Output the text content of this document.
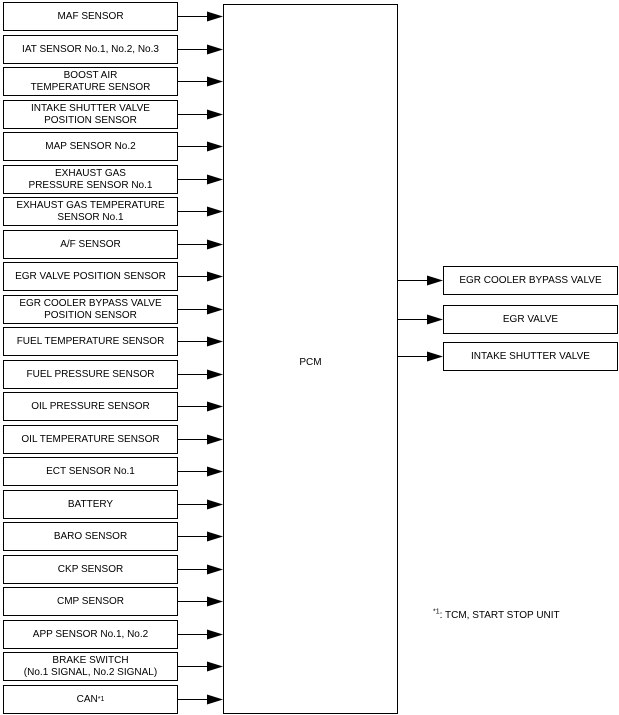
PCM
MAF SENSOR
IAT SENSOR No.1, No.2, No.3
BOOST AIR
TEMPERATURE SENSOR
INTAKE SHUTTER VALVE
POSITION SENSOR
MAP SENSOR No.2
EXHAUST GAS
PRESSURE SENSOR No.1
EXHAUST GAS TEMPERATURE
SENSOR No.1
A/F SENSOR
EGR VALVE POSITION SENSOR
EGR COOLER BYPASS VALVE
POSITION SENSOR
FUEL TEMPERATURE SENSOR
FUEL PRESSURE SENSOR
OIL PRESSURE SENSOR
OIL TEMPERATURE SENSOR
ECT SENSOR No.1
BATTERY
BARO SENSOR
CKP SENSOR
CMP SENSOR
APP SENSOR No.1, No.2
BRAKE SWITCH
(No.1 SIGNAL, No.2 SIGNAL)
CAN *1
EGR COOLER BYPASS VALVE
EGR VALVE
INTAKE SHUTTER VALVE
$^{*1}$: TCM, START STOP UNIT
